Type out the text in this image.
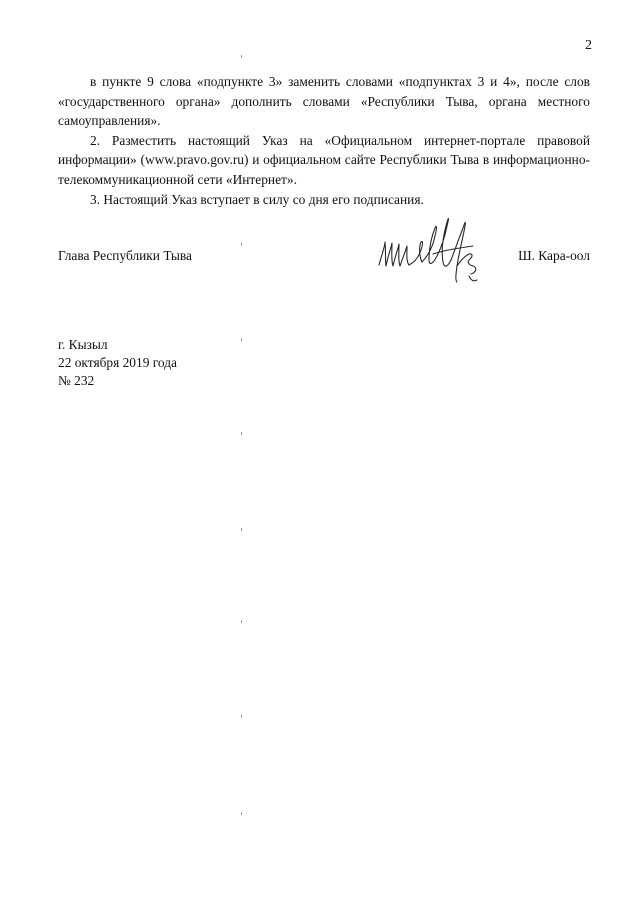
2

в пункте 9 слова «подпункте 3» заменить словами «подпунктах 3 и 4», после слов «государственного органа» дополнить словами «Республики Тыва, органа местного самоуправления».

2. Разместить настоящий Указ на «Официальном интернет-портале правовой информации» (www.pravo.gov.ru) и официальном сайте Республики Тыва в информационно-телекоммуникационной сети «Интернет».

3. Настоящий Указ вступает в силу со дня его подписания.

Глава Республики Тыва	Ш. Кара-оол
г. Кызыл
22 октября 2019 года
№ 232
